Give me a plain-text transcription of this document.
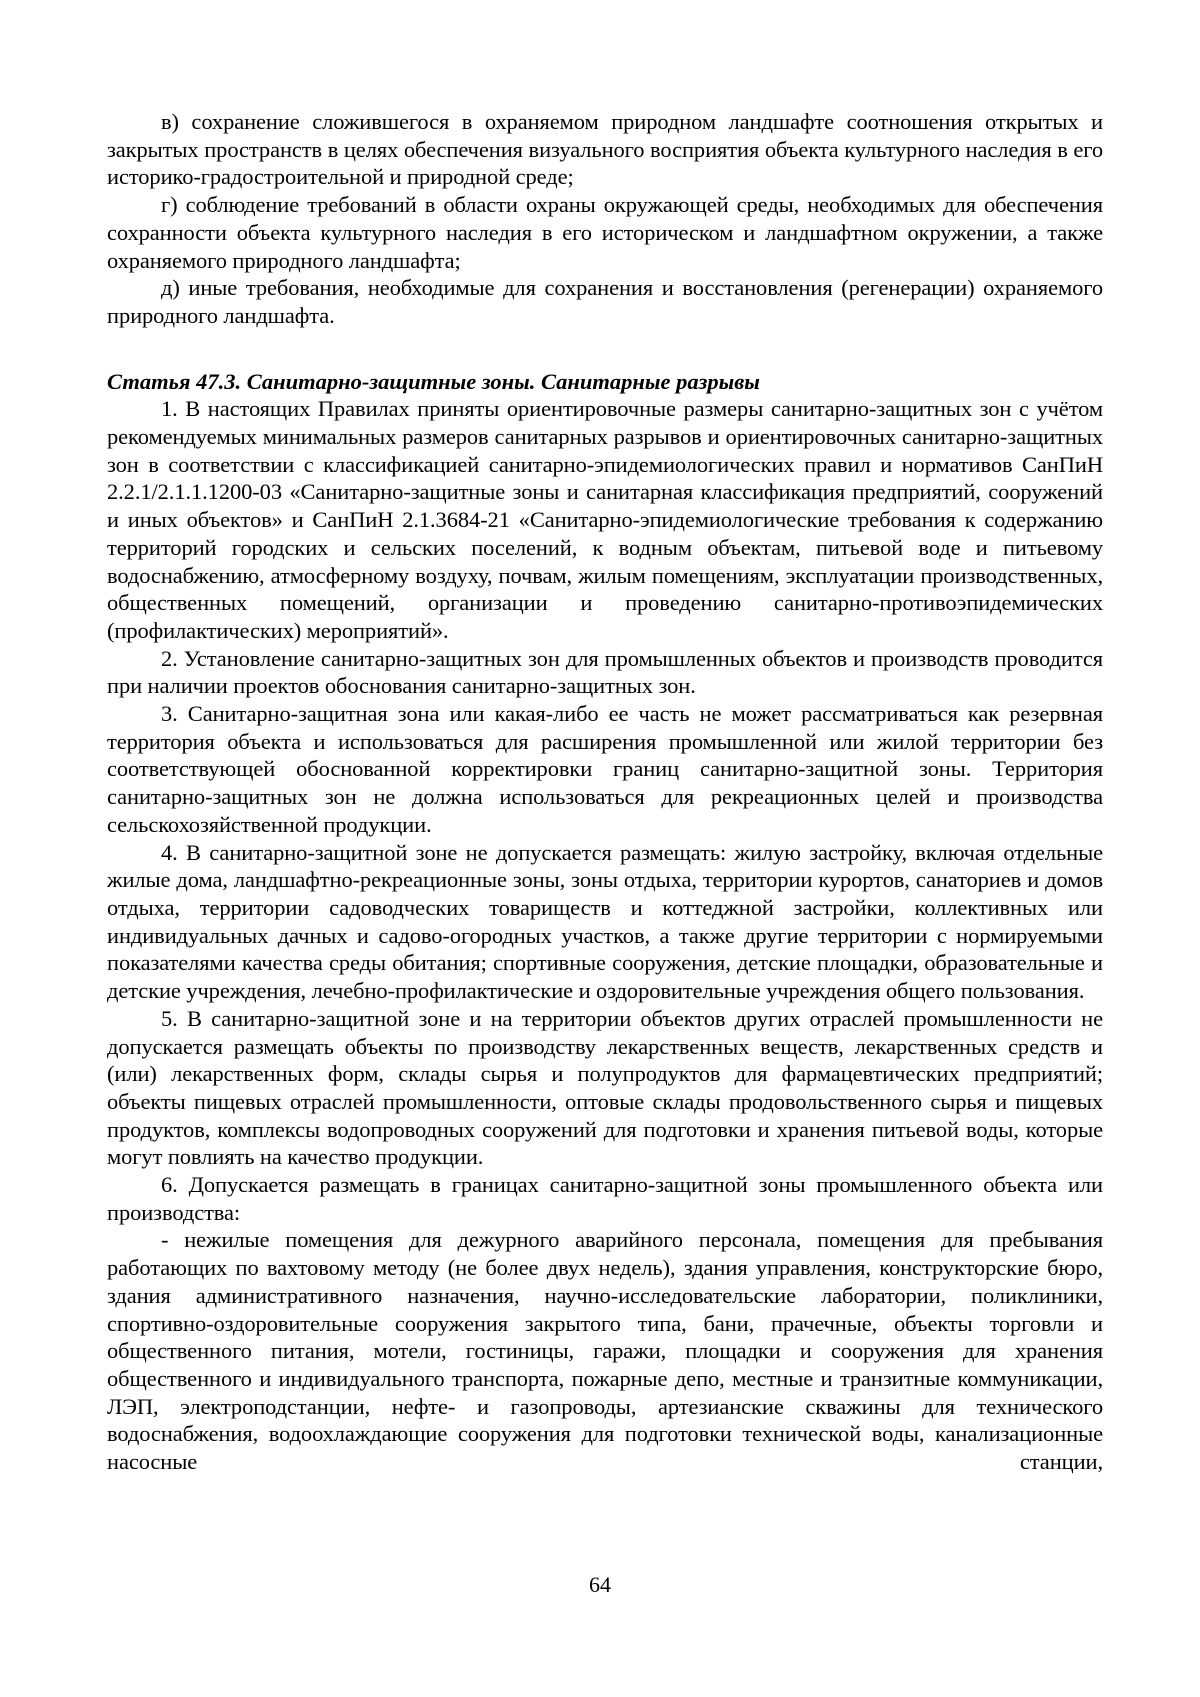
в) сохранение сложившегося в охраняемом природном ландшафте соотношения открытых и закрытых пространств в целях обеспечения визуального восприятия объекта культурного наследия в его историко-градостроительной и природной среде;

г) соблюдение требований в области охраны окружающей среды, необходимых для обеспечения сохранности объекта культурного наследия в его историческом и ландшафтном окружении, а также охраняемого природного ландшафта;

д) иные требования, необходимые для сохранения и восстановления (регенерации) охраняемого природного ландшафта.

Статья 47.3. Санитарно-защитные зоны. Санитарные разрывы

1. В настоящих Правилах приняты ориентировочные размеры санитарно-защитных зон с учётом рекомендуемых минимальных размеров санитарных разрывов и ориентировочных санитарно-защитных зон в соответствии с классификацией санитарно-эпидемиологических правил и нормативов СанПиН 2.2.1/2.1.1.1200-03 «Санитарно-защитные зоны и санитарная классификация предприятий, сооружений и иных объектов» и СанПиН 2.1.3684-21 «Санитарно-эпидемиологические требования к содержанию территорий городских и сельских поселений, к водным объектам, питьевой воде и питьевому водоснабжению, атмосферному воздуху, почвам, жилым помещениям, эксплуатации производственных, общественных помещений, организации и проведению санитарно-противоэпидемических (профилактических) мероприятий».

2. Установление санитарно-защитных зон для промышленных объектов и производств проводится при наличии проектов обоснования санитарно-защитных зон.

3. Санитарно-защитная зона или какая-либо ее часть не может рассматриваться как резервная территория объекта и использоваться для расширения промышленной или жилой территории без соответствующей обоснованной корректировки границ санитарно-защитной зоны. Территория санитарно-защитных зон не должна использоваться для рекреационных целей и производства сельскохозяйственной продукции.

4. В санитарно-защитной зоне не допускается размещать: жилую застройку, включая отдельные жилые дома, ландшафтно-рекреационные зоны, зоны отдыха, территории курортов, санаториев и домов отдыха, территории садоводческих товариществ и коттеджной застройки, коллективных или индивидуальных дачных и садово-огородных участков, а также другие территории с нормируемыми показателями качества среды обитания; спортивные сооружения, детские площадки, образовательные и детские учреждения, лечебно-профилактические и оздоровительные учреждения общего пользования.

5. В санитарно-защитной зоне и на территории объектов других отраслей промышленности не допускается размещать объекты по производству лекарственных веществ, лекарственных средств и (или) лекарственных форм, склады сырья и полупродуктов для фармацевтических предприятий; объекты пищевых отраслей промышленности, оптовые склады продовольственного сырья и пищевых продуктов, комплексы водопроводных сооружений для подготовки и хранения питьевой воды, которые могут повлиять на качество продукции.

6. Допускается размещать в границах санитарно-защитной зоны промышленного объекта или производства:

- нежилые помещения для дежурного аварийного персонала, помещения для пребывания работающих по вахтовому методу (не более двух недель), здания управления, конструкторские бюро, здания административного назначения, научно-исследовательские лаборатории, поликлиники, спортивно-оздоровительные сооружения закрытого типа, бани, прачечные, объекты торговли и общественного питания, мотели, гостиницы, гаражи, площадки и сооружения для хранения общественного и индивидуального транспорта, пожарные депо, местные и транзитные коммуникации, ЛЭП, электроподстанции, нефте- и газопроводы, артезианские скважины для технического водоснабжения, водоохлаждающие сооружения для подготовки технической воды, канализационные насосные станции,

64
